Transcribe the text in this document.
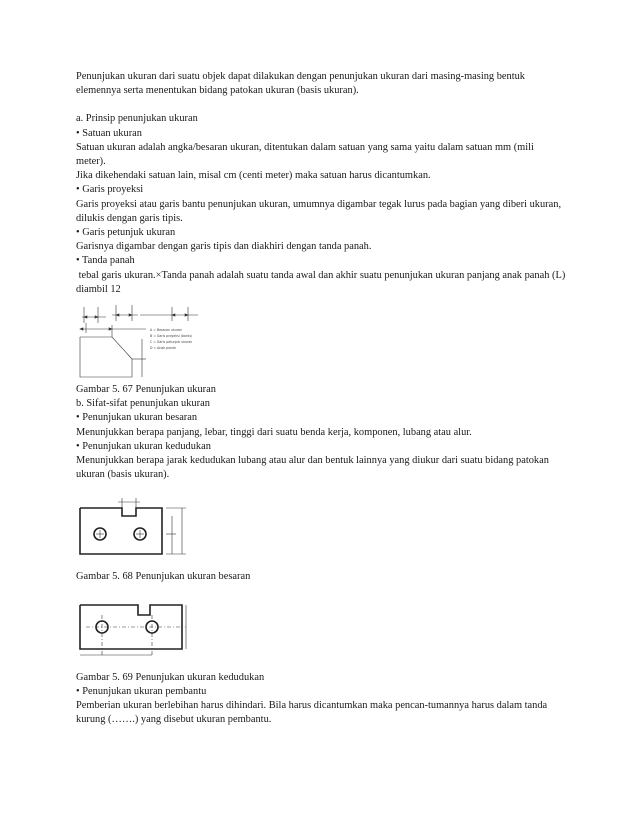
Penunjukan ukuran dari suatu objek dapat dilakukan dengan penunjukan ukuran dari masing-masing bentuk elemennya serta menentukan bidang patokan ukuran (basis ukuran).

a. Prinsip penunjukan ukuran

• Satuan ukuran

Satuan ukuran adalah angka/besaran ukuran, ditentukan dalam satuan yang sama yaitu dalam satuan mm (mili meter).

Jika dikehendaki satuan lain, misal cm (centi meter) maka satuan harus dicantumkan.

• Garis proyeksi

Garis proyeksi atau garis bantu penunjukan ukuran, umumnya digambar tegak lurus pada bagian yang diberi ukuran, dilukis dengan garis tipis.

• Garis petunjuk ukuran

Garisnya digambar dengan garis tipis dan diakhiri dengan tanda panah.

• Tanda panah

tebal garis ukuran.×Tanda panah adalah suatu tanda awal dan akhir suatu penunjukan ukuran panjang anak panah (L) diambil 12

A = Besaran ukuran
B = Garis proyeksi (bantu)
C = Garis petunjuk ukuran
D = Anak panah

Gambar 5. 67 Penunjukan ukuran

b. Sifat-sifat penunjukan ukuran

• Penunjukan ukuran besaran

Menunjukkan berapa panjang, lebar, tinggi dari suatu benda kerja, komponen, lubang atau alur.

• Penunjukan ukuran kedudukan

Menunjukkan berapa jarak kedudukan lubang atau alur dan bentuk lainnya yang diukur dari suatu bidang patokan ukuran (basis ukuran).

Gambar 5. 68 Penunjukan ukuran besaran

Gambar 5. 69 Penunjukan ukuran kedudukan

• Penunjukan ukuran pembantu

Pemberian ukuran berlebihan harus dihindari. Bila harus dicantumkan maka pencan-tumannya harus dalam tanda kurung (…….) yang disebut ukuran pembantu.
